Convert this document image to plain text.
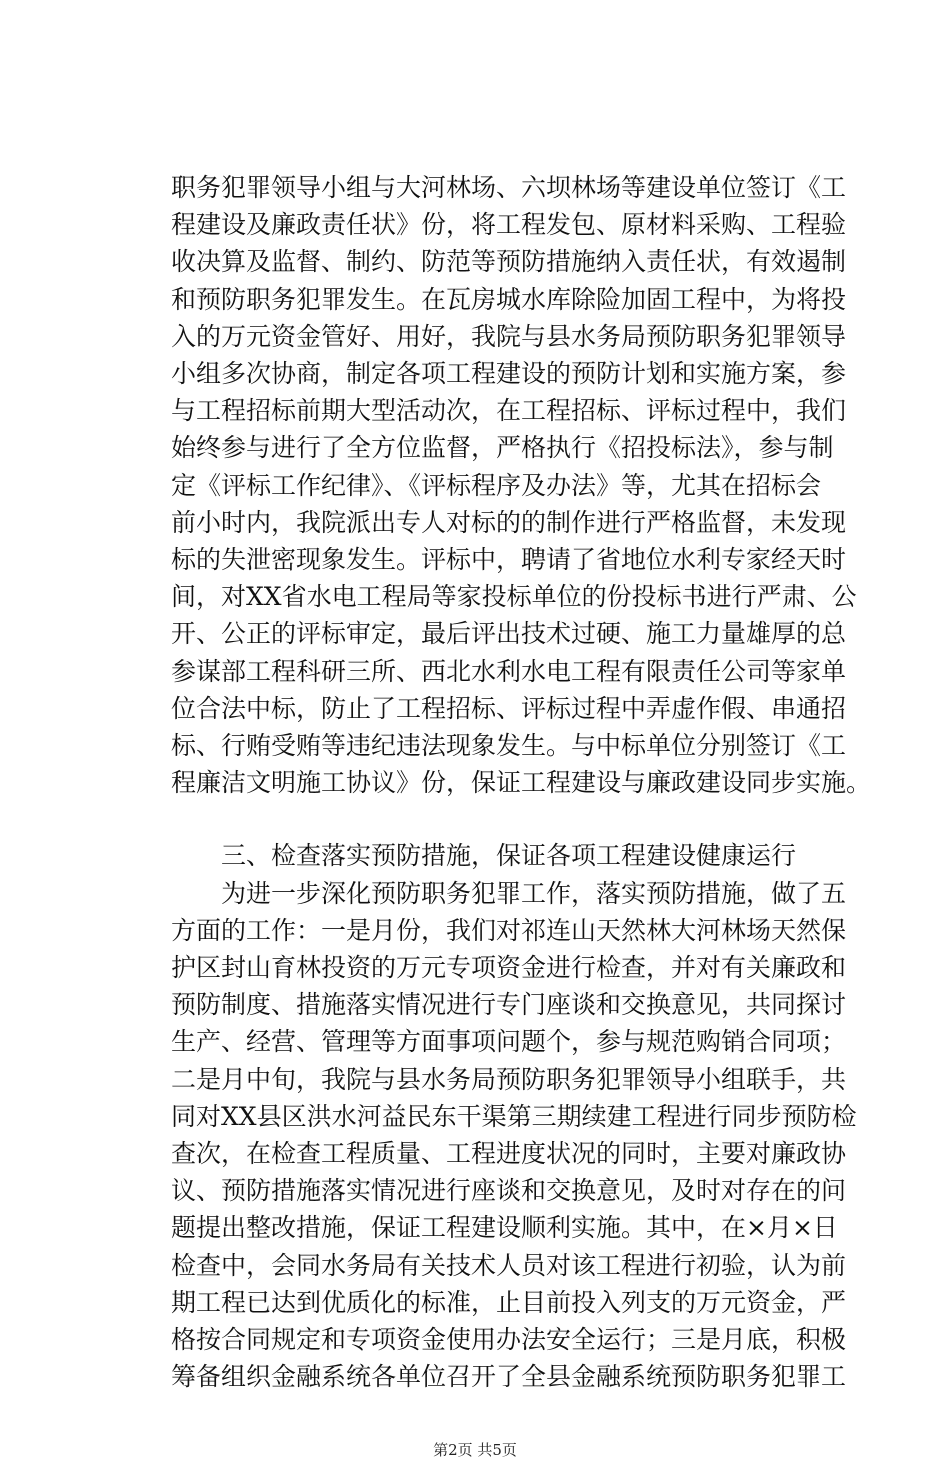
职务犯罪领导小组与大河林场、六坝林场等建设单位签订《工
程建设及廉政责任状》份，将工程发包、原材料采购、工程验
收决算及监督、制约、防范等预防措施纳入责任状，有效遏制
和预防职务犯罪发生。在瓦房城水库除险加固工程中，为将投
入的万元资金管好、用好，我院与县水务局预防职务犯罪领导
小组多次协商，制定各项工程建设的预防计划和实施方案，参
与工程招标前期大型活动次，在工程招标、评标过程中，我们
始终参与进行了全方位监督，严格执行《招投标法》，参与制
定《评标工作纪律》、《评标程序及办法》等，尤其在招标会
前小时内，我院派出专人对标的的制作进行严格监督，未发现
标的失泄密现象发生。评标中，聘请了省地位水利专家经天时
间，对XX省水电工程局等家投标单位的份投标书进行严肃、公
开、公正的评标审定，最后评出技术过硬、施工力量雄厚的总
参谋部工程科研三所、西北水利水电工程有限责任公司等家单
位合法中标，防止了工程招标、评标过程中弄虚作假、串通招
标、行贿受贿等违纪违法现象发生。与中标单位分别签订《工
程廉洁文明施工协议》份，保证工程建设与廉政建设同步实施。
三、检查落实预防措施，保证各项工程建设健康运行
为进一步深化预防职务犯罪工作，落实预防措施，做了五
方面的工作：一是月份，我们对祁连山天然林大河林场天然保
护区封山育林投资的万元专项资金进行检查，并对有关廉政和
预防制度、措施落实情况进行专门座谈和交换意见，共同探讨
生产、经营、管理等方面事项问题个，参与规范购销合同项；
二是月中旬，我院与县水务局预防职务犯罪领导小组联手，共
同对XX县区洪水河益民东干渠第三期续建工程进行同步预防检
查次，在检查工程质量、工程进度状况的同时，主要对廉政协
议、预防措施落实情况进行座谈和交换意见，及时对存在的问
题提出整改措施，保证工程建设顺利实施。其中，在×月×日
检查中，会同水务局有关技术人员对该工程进行初验，认为前
期工程已达到优质化的标准，止目前投入列支的万元资金，严
格按合同规定和专项资金使用办法安全运行；三是月底，积极
筹备组织金融系统各单位召开了全县金融系统预防职务犯罪工
第2页 共5页
